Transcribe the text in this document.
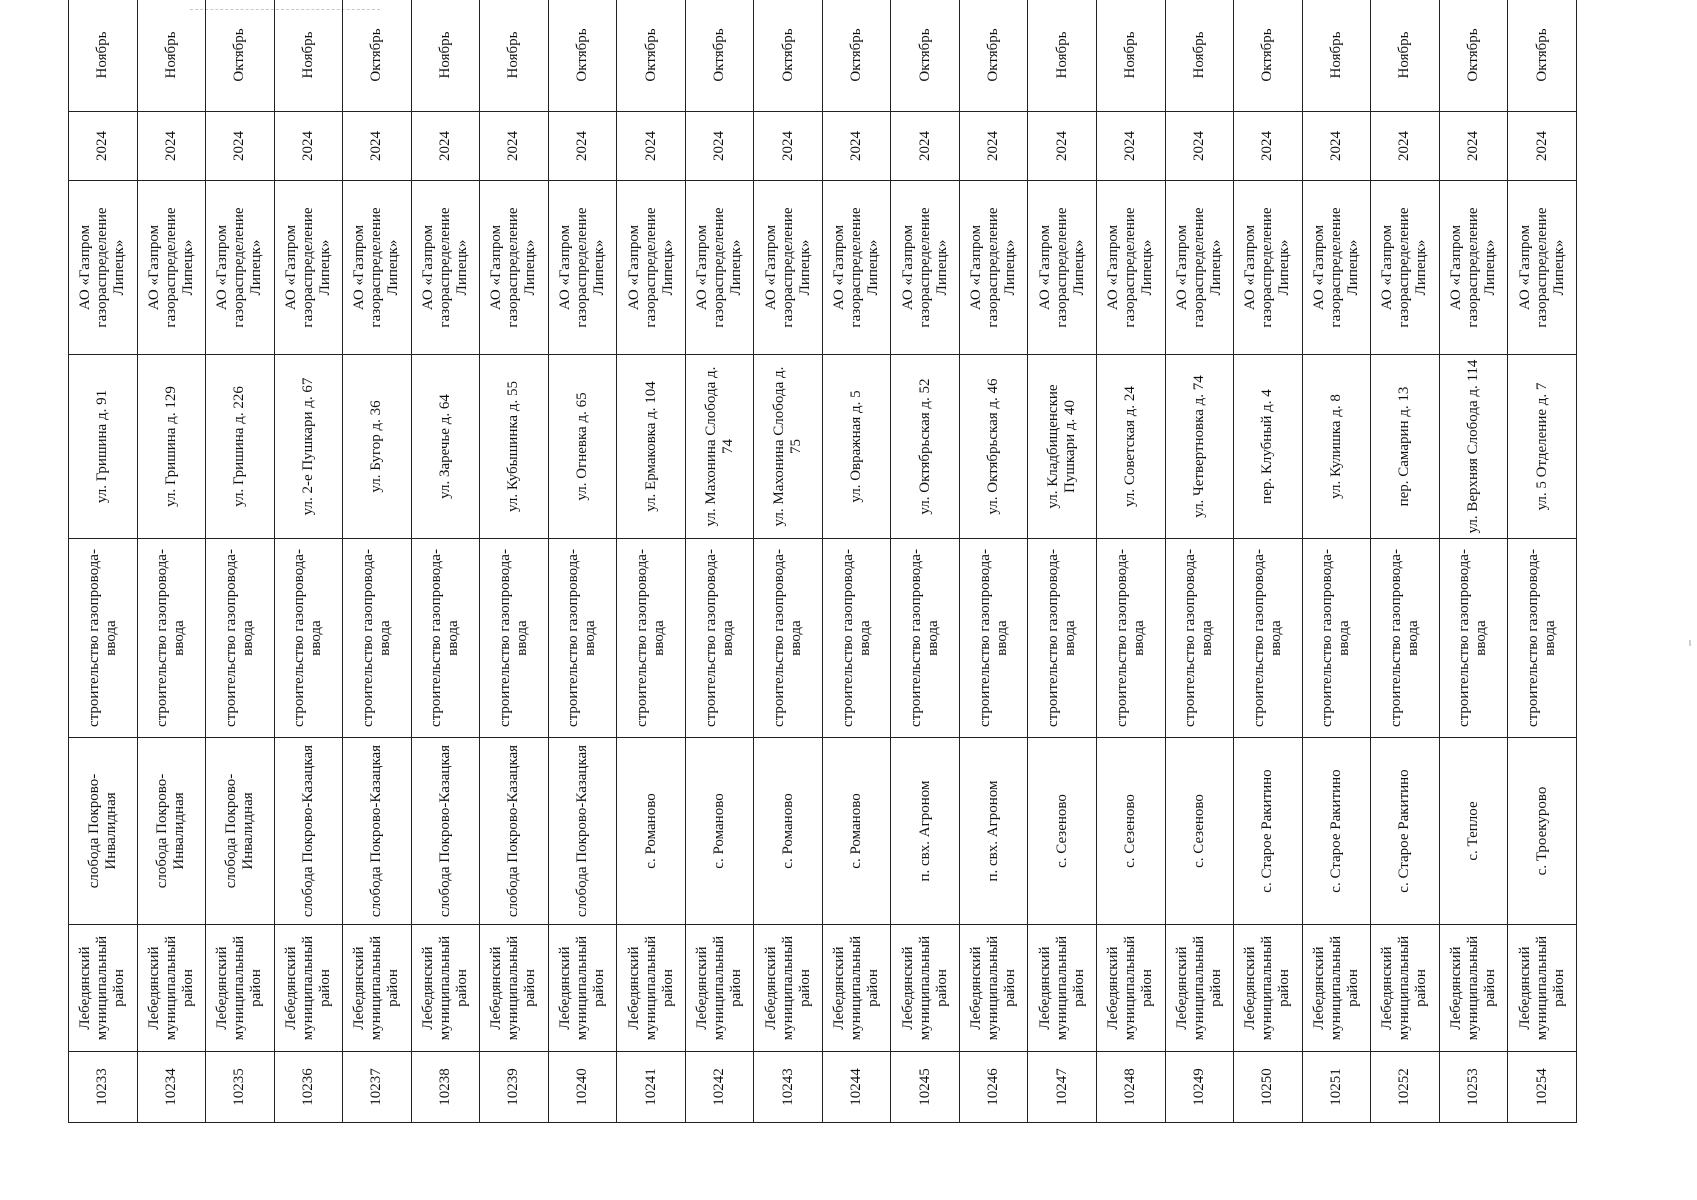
10233	Лебедянский муниципальный район	слобода Покрово-Инвалидная	строительство газопровода-ввода	ул. Гришина д. 91	АО «Газпром газораспределение Липецк»	2024	Ноябрь

10234	Лебедянский муниципальный район	слобода Покрово-Инвалидная	строительство газопровода-ввода	ул. Гришина д. 129	АО «Газпром газораспределение Липецк»	2024	Ноябрь

10235	Лебедянский муниципальный район	слобода Покрово-Инвалидная	строительство газопровода-ввода	ул. Гришина д. 226	АО «Газпром газораспределение Липецк»	2024	Октябрь

10236	Лебедянский муниципальный район	слобода Покрово-Казацкая	строительство газопровода-ввода	ул. 2-е Пушкари д. 67	АО «Газпром газораспределение Липецк»	2024	Ноябрь

10237	Лебедянский муниципальный район	слобода Покрово-Казацкая	строительство газопровода-ввода	ул. Бугор д. 36	АО «Газпром газораспределение Липецк»	2024	Октябрь

10238	Лебедянский муниципальный район	слобода Покрово-Казацкая	строительство газопровода-ввода	ул. Заречье д. 64	АО «Газпром газораспределение Липецк»	2024	Ноябрь

10239	Лебедянский муниципальный район	слобода Покрово-Казацкая	строительство газопровода-ввода	ул. Кубышинка д. 55	АО «Газпром газораспределение Липецк»	2024	Ноябрь

10240	Лебедянский муниципальный район	слобода Покрово-Казацкая	строительство газопровода-ввода	ул. Огневка д. 65	АО «Газпром газораспределение Липецк»	2024	Октябрь

10241	Лебедянский муниципальный район	с. Романово	строительство газопровода-ввода	ул. Ермаковка д. 104	АО «Газпром газораспределение Липецк»	2024	Октябрь

10242	Лебедянский муниципальный район	с. Романово	строительство газопровода-ввода	ул. Махонина Слобода д. 74	АО «Газпром газораспределение Липецк»	2024	Октябрь

10243	Лебедянский муниципальный район	с. Романово	строительство газопровода-ввода	ул. Махонина Слобода д. 75	АО «Газпром газораспределение Липецк»	2024	Октябрь

10244	Лебедянский муниципальный район	с. Романово	строительство газопровода-ввода	ул. Овражная д. 5	АО «Газпром газораспределение Липецк»	2024	Октябрь

10245	Лебедянский муниципальный район	п. свх. Агроном	строительство газопровода-ввода	ул. Октябрьская д. 52	АО «Газпром газораспределение Липецк»	2024	Октябрь

10246	Лебедянский муниципальный район	п. свх. Агроном	строительство газопровода-ввода	ул. Октябрьская д. 46	АО «Газпром газораспределение Липецк»	2024	Октябрь

10247	Лебедянский муниципальный район	с. Сезеново	строительство газопровода-ввода	ул. Кладбищенские Пушкари д. 40	АО «Газпром газораспределение Липецк»	2024	Ноябрь

10248	Лебедянский муниципальный район	с. Сезеново	строительство газопровода-ввода	ул. Советская д. 24	АО «Газпром газораспределение Липецк»	2024	Ноябрь

10249	Лебедянский муниципальный район	с. Сезеново	строительство газопровода-ввода	ул. Четвертновка д. 74	АО «Газпром газораспределение Липецк»	2024	Ноябрь

10250	Лебедянский муниципальный район	с. Старое Ракитино	строительство газопровода-ввода	пер. Клубный д. 4	АО «Газпром газораспределение Липецк»	2024	Октябрь

10251	Лебедянский муниципальный район	с. Старое Ракитино	строительство газопровода-ввода	ул. Кулишка д. 8	АО «Газпром газораспределение Липецк»	2024	Ноябрь

10252	Лебедянский муниципальный район	с. Старое Ракитино	строительство газопровода-ввода	пер. Самарин д. 13	АО «Газпром газораспределение Липецк»	2024	Ноябрь

10253	Лебедянский муниципальный район	с. Теплое	строительство газопровода-ввода	ул. Верхняя Слобода д. 114	АО «Газпром газораспределение Липецк»	2024	Октябрь

10254	Лебедянский муниципальный район	с. Троекурово	строительство газопровода-ввода	ул. 5 Отделение д. 7	АО «Газпром газораспределение Липецк»	2024	Октябрь
